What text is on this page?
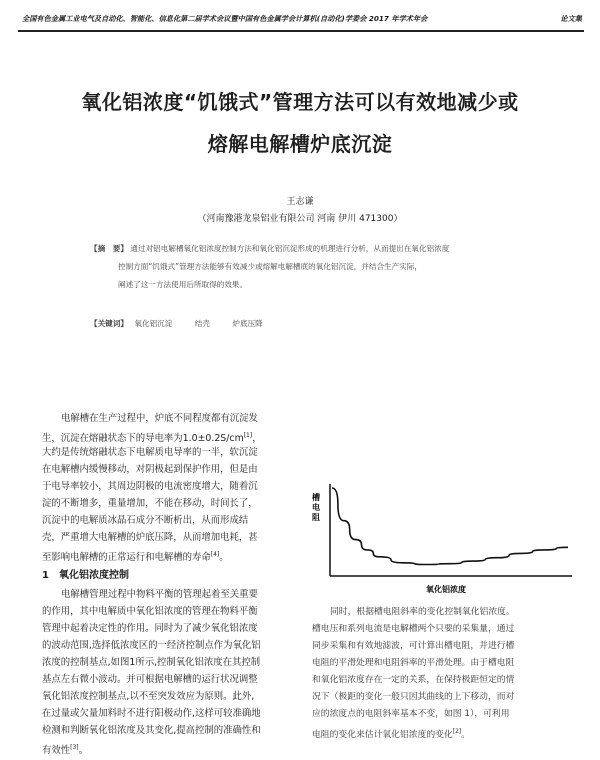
全国有色金属工业电气及自动化、智能化、信息化第二届学术会议暨中国有色金属学会计算机(自动化)学委会 2017 年学术年会	论文集
氧化铝浓度“饥饿式”管理方法可以有效地减少或
熔解电解槽炉底沉淀
王志谦
（河南豫港龙泉铝业有限公司 河南 伊川 471300）
【摘　要】 通过对铝电解槽氧化铝浓度控制方法和氧化铝沉淀形成的机理进行分析，从而提出在氧化铝浓度
控制方面“饥饿式”管理方法能够有效减少或熔解电解槽底的氧化铝沉淀，并结合生产实际，
阐述了这一方法使用后所取得的效果。
【关键词】 氧化铝沉淀	结壳	炉底压降
电解槽在生产过程中，炉底不同程度都有沉淀发
生，沉淀在熔融状态下的导电率为1.0±0.2S/cm[1]，
大约是传统熔融状态下电解质电导率的一半，软沉淀
在电解槽内缓慢移动，对阴极起到保护作用，但是由
于电导率较小，其周边阴极的电流密度增大，随着沉
淀的不断增多，重量增加，不能在移动，时间长了，
沉淀中的电解质冰晶石成分不断析出，从而形成结
壳，严重增大电解槽的炉底压降，从而增加电耗，甚
至影响电解槽的正常运行和电解槽的寿命[4]。
1　氧化铝浓度控制
电解槽管理过程中物料平衡的管理起着至关重要
的作用，其中电解质中氧化铝浓度的管理在物料平衡
管理中起着决定性的作用。同时为了减少氧化铝浓度
的波动范围,选择低浓度区的一经济控制点作为氧化铝
浓度的控制基点,如图1所示,控制氧化铝浓度在其控制
基点左右微小波动。并可根据电解槽的运行状况调整
氧化铝浓度控制基点,以不至突发效应为原则。此外,
在过量或欠量加料时不进行阳极动作,这样可较准确地
检测和判断氧化铝浓度及其变化,提高控制的准确性和
有效性[3]。
槽 电 阻
氧化铝浓度
同时，根据槽电阻斜率的变化控制氧化铝浓度。
槽电压和系列电流是电解槽两个只要的采集量，通过
同步采集和有效地滤波，可计算出槽电阻，并进行槽
电阻的平滑处理和电阻斜率的平滑处理。由于槽电阻
和氧化铝浓度存在一定的关系，在保持极距恒定的情
况下（极距的变化一般只因其曲线的上下移动，而对
应的浓度点的电阻斜率基本不变，如图 1），可利用
电阻的变化来估计氧化铝浓度的变化[2]。
